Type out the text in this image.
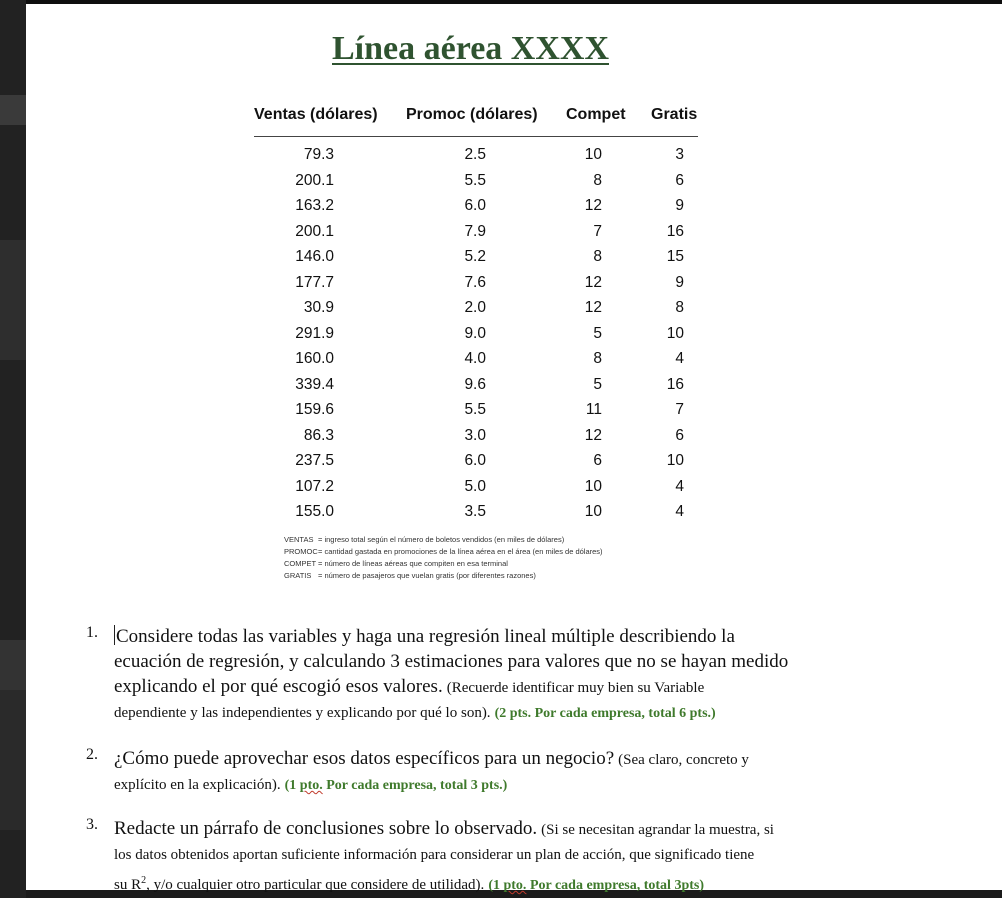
Línea aérea XXXX
Ventas (dólares) Promoc (dólares) Compet Gratis
79.3	2.5	10	3
200.1	5.5	8	6
163.2	6.0	12	9
200.1	7.9	7	16
146.0	5.2	8	15
177.7	7.6	12	9
30.9	2.0	12	8
291.9	9.0	5	10
160.0	4.0	8	4
339.4	9.6	5	16
159.6	5.5	11	7
86.3	3.0	12	6
237.5	6.0	6	10
107.2	5.0	10	4
155.0	3.5	10	4
VENTAS = ingreso total según el número de boletos vendidos (en miles de dólares)
PROMOC= cantidad gastada en promociones de la línea aérea en el área (en miles de dólares)
COMPET = número de líneas aéreas que compiten en esa terminal
GRATIS = número de pasajeros que vuelan gratis (por diferentes razones)
1. Considere todas las variables y haga una regresión lineal múltiple describiendo la
ecuación de regresión, y calculando 3 estimaciones para valores que no se hayan medido
explicando el por qué escogió esos valores. (Recuerde identificar muy bien su Variable
dependiente y las independientes y explicando por qué lo son). (2 pts. Por cada empresa, total 6 pts.)
2. ¿Cómo puede aprovechar esos datos específicos para un negocio? (Sea claro, concreto y
explícito en la explicación). (1 pto. Por cada empresa, total 3 pts.)
3. Redacte un párrafo de conclusiones sobre lo observado. (Si se necesitan agrandar la muestra, si
los datos obtenidos aportan suficiente información para considerar un plan de acción, que significado tiene
su $R^2$, y/o cualquier otro particular que considere de utilidad). (1 pto. Por cada empresa, total 3pts)
